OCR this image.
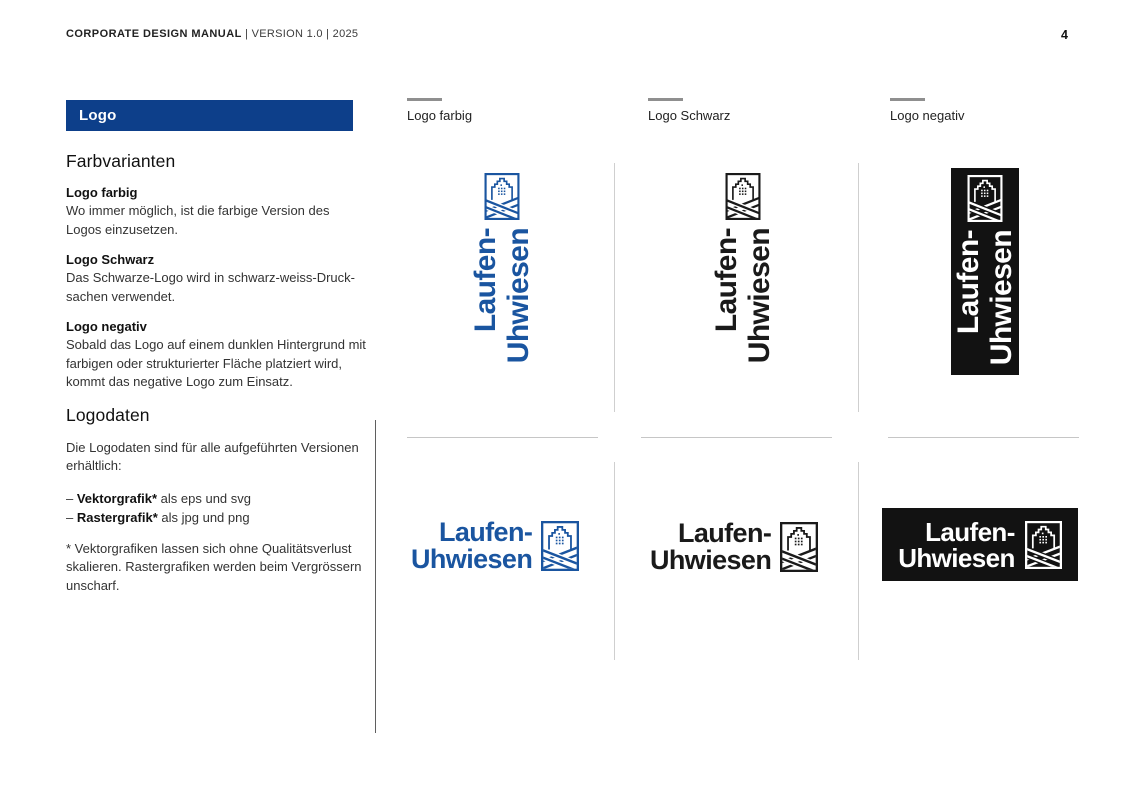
CORPORATE DESIGN MANUAL | VERSION 1.0 | 2025	4
Logo
Farbvarianten
Logo farbig

Wo immer möglich, ist die farbige Version des Logos einzusetzen.

Logo Schwarz

Das Schwarze-Logo wird in schwarz-weiss-Druck-sachen verwendet.

Logo negativ

Sobald das Logo auf einem dunklen Hintergrund mit farbigen oder strukturierter Fläche platziert wird, kommt das negative Logo zum Einsatz.

Logodaten

Die Logodaten sind für alle aufgeführten Versionen erhältlich:

– Vektorgrafik* als eps und svg
– Rastergrafik* als jpg und png

* Vektorgrafiken lassen sich ohne Qualitätsverlust skalieren. Rastergrafiken werden beim Vergrössern unscharf.

Logo farbig	Logo Schwarz	Logo negativ
Laufen- Uhwiesen	Laufen- Uhwiesen	Laufen- Uhwiesen
Laufen-
Uhwiesen
Laufen-
Uhwiesen
Laufen-
Uhwiesen
